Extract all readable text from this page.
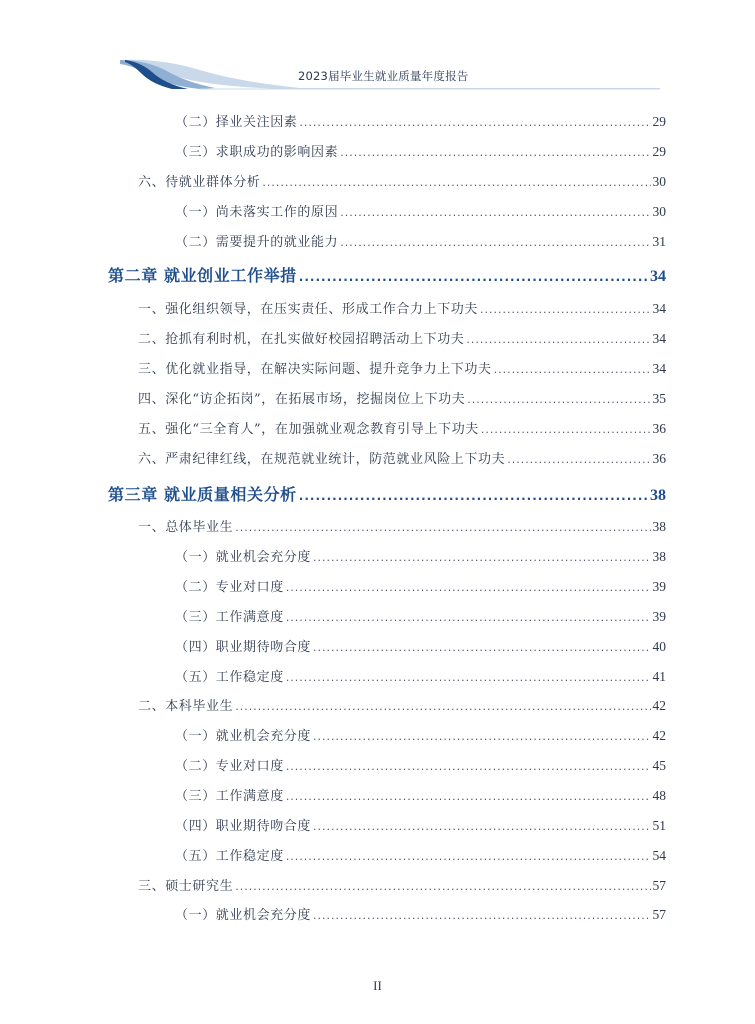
2023届毕业生就业质量年度报告
（二）择业关注因素 .....	29
（三）求职成功的影响因素 .....	29
六、待就业群体分析 .....	30
（一）尚未落实工作的原因 .....	30
（二）需要提升的就业能力 .....	31
第二章 就业创业工作举措 .....	34
一、强化组织领导，在压实责任、形成工作合力上下功夫 .....	34
二、抢抓有利时机，在扎实做好校园招聘活动上下功夫 .....	34
三、优化就业指导，在解决实际问题、提升竞争力上下功夫 .....	34
四、深化“访企拓岗”，在拓展市场，挖掘岗位上下功夫 .....	35
五、强化“三全育人”，在加强就业观念教育引导上下功夫 .....	36
六、严肃纪律红线，在规范就业统计，防范就业风险上下功夫 .....	36
第三章 就业质量相关分析 .....	38
一、总体毕业生 .....	38
（一）就业机会充分度 .....	38
（二）专业对口度 .....	39
（三）工作满意度 .....	39
（四）职业期待吻合度 .....	40
（五）工作稳定度 .....	41
二、本科毕业生 .....	42
（一）就业机会充分度 .....	42
（二）专业对口度 .....	45
（三）工作满意度 .....	48
（四）职业期待吻合度 .....	51
（五）工作稳定度 .....	54
三、硕士研究生 .....	57
（一）就业机会充分度 .....	57
II
